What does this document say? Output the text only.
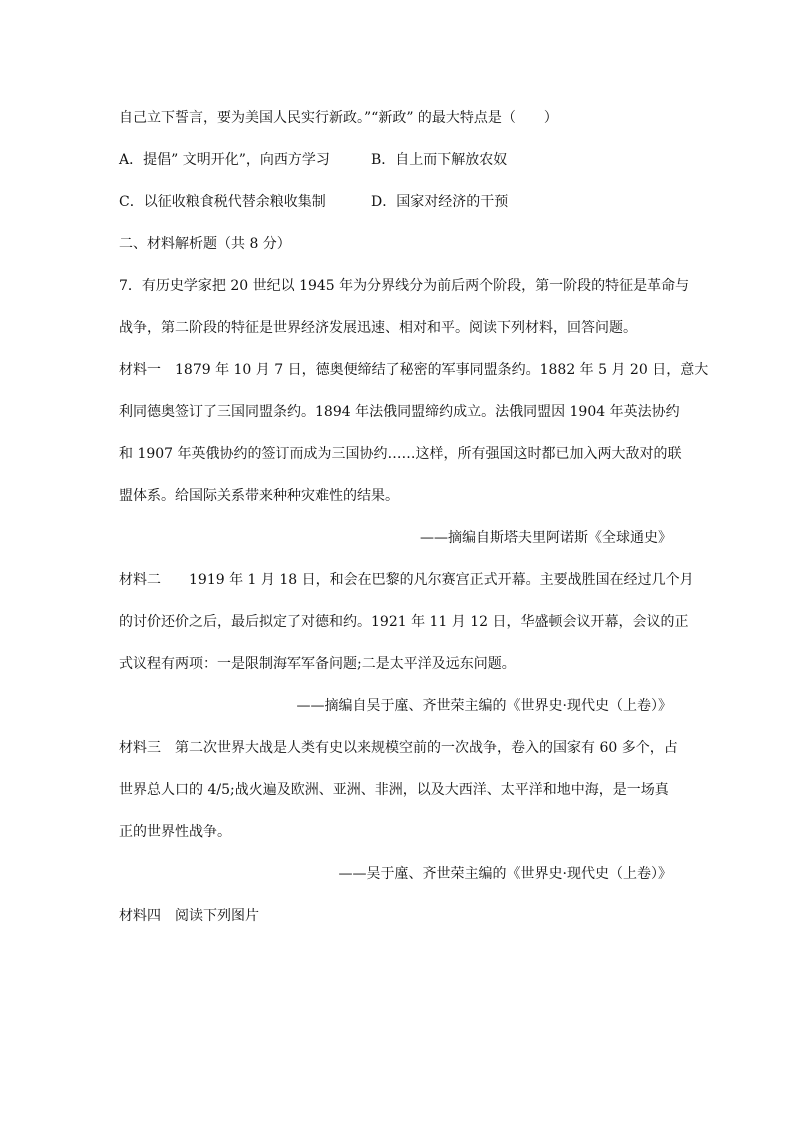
自己立下誓言，要为美国人民实行新政。”“新政” 的最大特点是（　　）
A．提倡” 文明开化”，向西方学习	B．自上而下解放农奴
C．以征收粮食税代替余粮收集制	D．国家对经济的干预
二、材料解析题（共 8 分）
7．有历史学家把 20 世纪以 1945 年为分界线分为前后两个阶段，第一阶段的特征是革命与
战争，第二阶段的特征是世界经济发展迅速、相对和平。阅读下列材料，回答问题。
材料一　1879 年 10 月 7 日，德奥便缔结了秘密的军事同盟条约。1882 年 5 月 20 日，意大
利同德奥签订了三国同盟条约。1894 年法俄同盟缔约成立。法俄同盟因 1904 年英法协约
和 1907 年英俄协约的签订而成为三国协约……这样，所有强国这时都已加入两大敌对的联
盟体系。给国际关系带来种种灾难性的结果。
——摘编自斯塔夫里阿诺斯《全球通史》
材料二　　1919 年 1 月 18 日，和会在巴黎的凡尔赛宫正式开幕。主要战胜国在经过几个月
的讨价还价之后，最后拟定了对德和约。1921 年 11 月 12 日，华盛顿会议开幕，会议的正
式议程有两项：一是限制海军军备问题;二是太平洋及远东问题。
——摘编自吴于廑、齐世荣主编的《世界史·现代史（上卷）》
材料三　第二次世界大战是人类有史以来规模空前的一次战争，卷入的国家有 60 多个，占
世界总人口的 4/5;战火遍及欧洲、亚洲、非洲，以及大西洋、太平洋和地中海，是一场真
正的世界性战争。
——吴于廑、齐世荣主编的《世界史·现代史（上卷）》
材料四　阅读下列图片
